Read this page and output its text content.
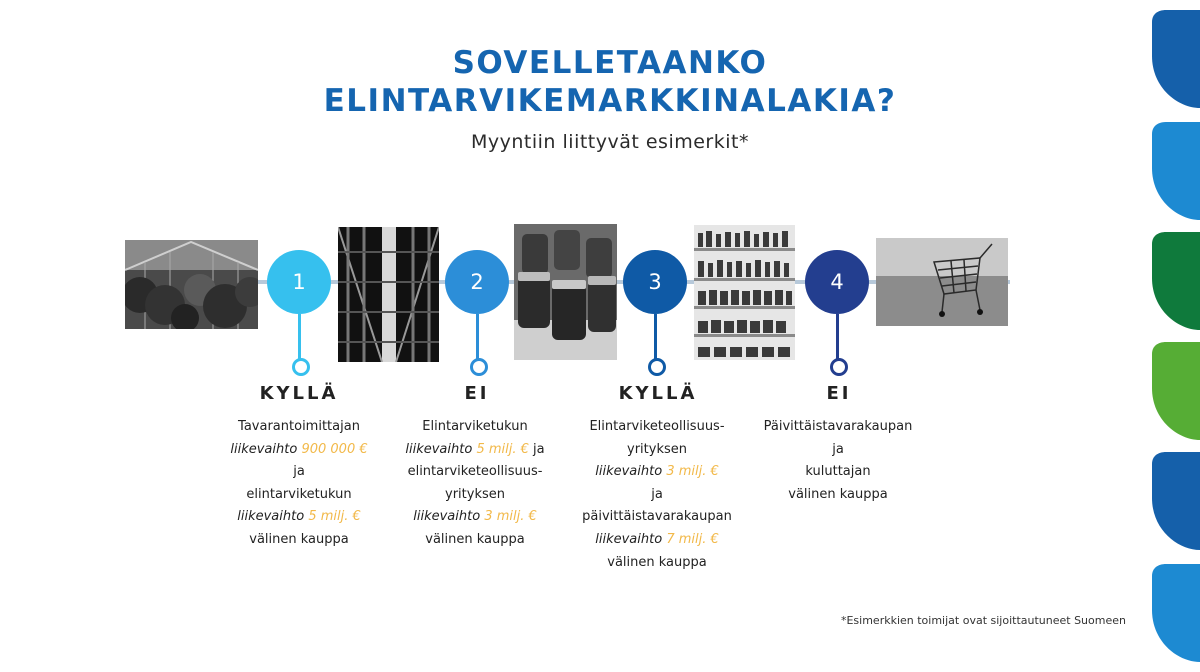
SOVELLETAANKO
ELINTARVIKEMARKKINALAKIA?
Myyntiin liittyvät esimerkit*
1
KYLLÄ
Tavarantoimittajan
liikevaihto 900 000 €
ja
elintarviketukun
liikevaihto 5 milj. €
välinen kauppa
2
EI
Elintarviketukun
liikevaihto 5 milj. € ja
elintarviketeollisuus-
yrityksen
liikevaihto 3 milj. €
välinen kauppa
3
KYLLÄ
Elintarviketeollisuus-
yrityksen
liikevaihto 3 milj. €
ja
päivittäistavarakaupan
liikevaihto 7 milj. €
välinen kauppa
4
EI
Päivittäistavarakaupan
ja
kuluttajan
välinen kauppa
*Esimerkkien toimijat ovat sijoittautuneet Suomeen
